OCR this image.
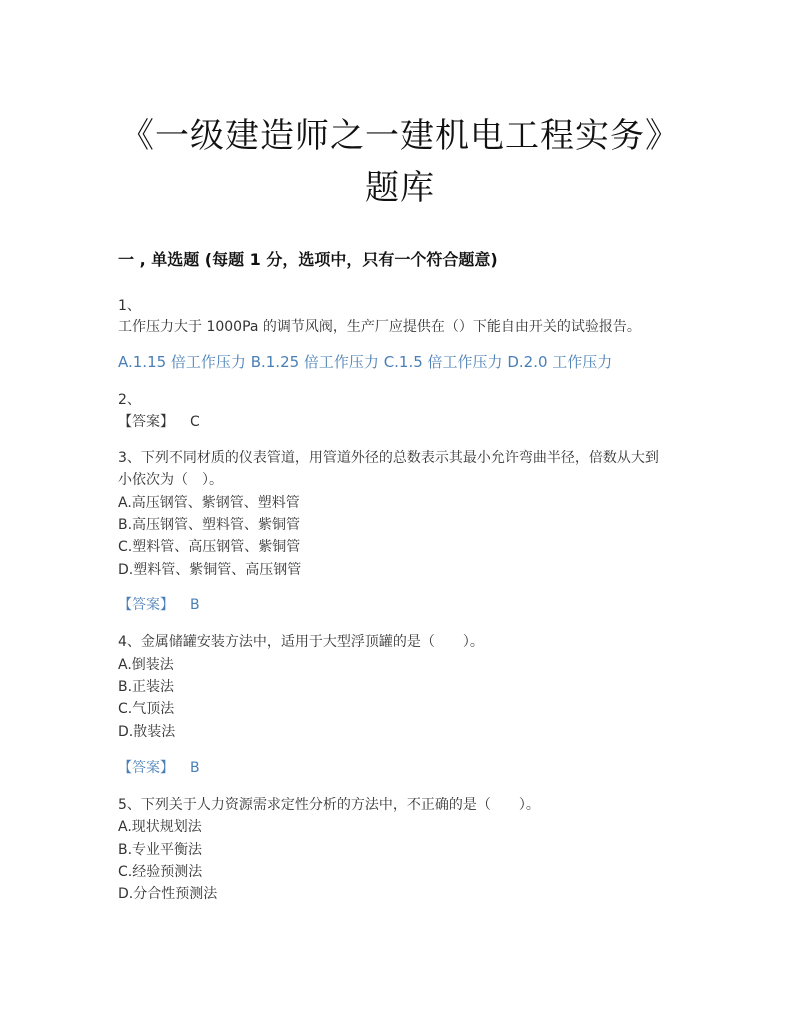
《一级建造师之一建机电工程实务》
题库
一 , 单选题 (每题 1 分，选项中，只有一个符合题意)
1、
工作压力大于 1000Pa 的调节风阀，生产厂应提供在（）下能自由开关的试验报告。
A.1.15 倍工作压力 B.1.25 倍工作压力 C.1.5 倍工作压力 D.2.0 工作压力
2、
【答案】 C
3、下列不同材质的仪表管道，用管道外径的总数表示其最小允许弯曲半径，倍数从大到
小依次为（　）。
A.高压钢管、紫钢管、塑料管
B.高压钢管、塑料管、紫铜管
C.塑料管、高压钢管、紫铜管
D.塑料管、紫铜管、高压钢管
【答案】 B
4、金属储罐安装方法中，适用于大型浮顶罐的是（　　）。
A.倒装法
B.正装法
C.气顶法
D.散装法
【答案】 B
5、下列关于人力资源需求定性分析的方法中，不正确的是（　　）。
A.现状规划法
B.专业平衡法
C.经验预测法
D.分合性预测法
